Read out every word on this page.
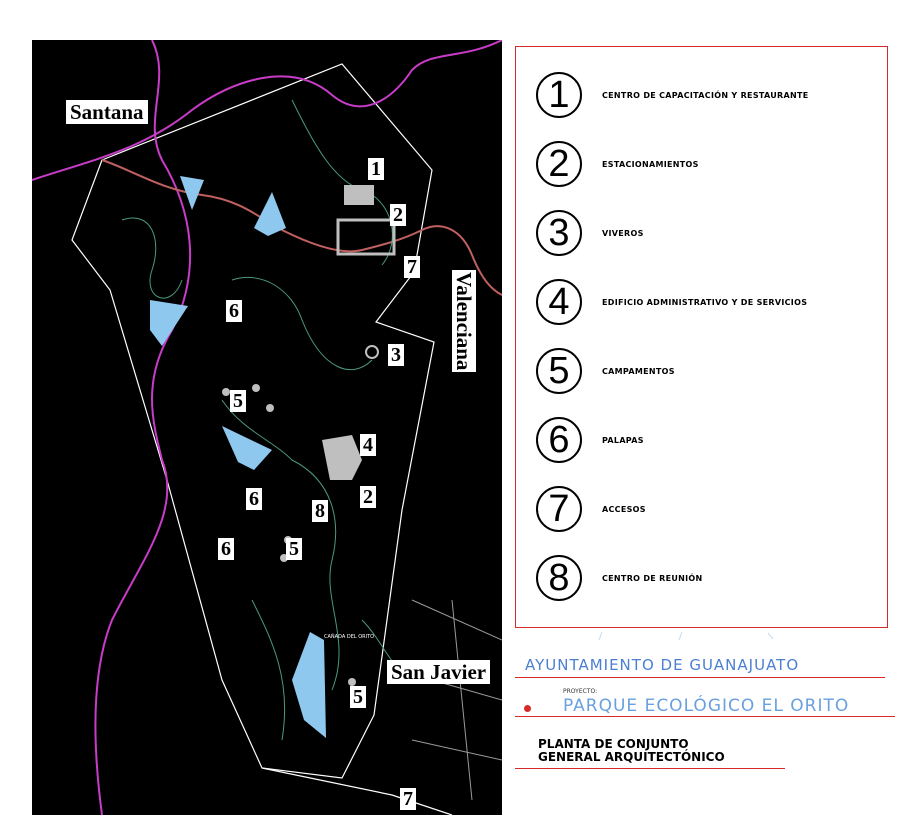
CAÑADA DEL ORITO
Santana
Valenciana
San Javier
1
2
7
6
3
5
4
2
6
8
6	5
5
7
1	CENTRO DE CAPACITACIÓN Y RESTAURANTE
2	ESTACIONAMIENTOS
3	VIVEROS
4	EDIFICIO ADMINISTRATIVO Y DE SERVICIOS
5	CAMPAMENTOS
6	PALAPAS
7	ACCESOS
8	CENTRO DE REUNIÓN
AYUNTAMIENTO DE GUANAJUATO
PROYECTO:
PARQUE ECOLÓGICO EL ORITO
PLANTA DE CONJUNTO
GENERAL ARQUITECTÓNICO
